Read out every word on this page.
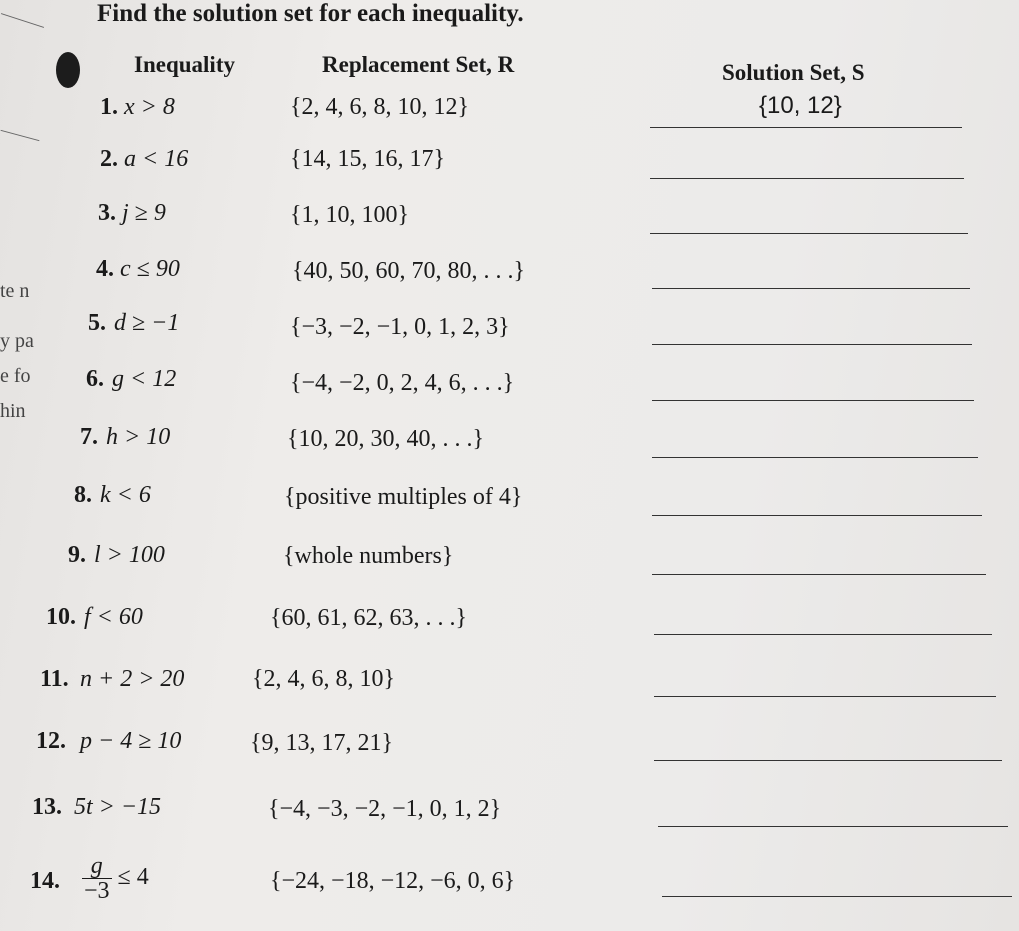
te n
y pa
e fo
hin
Find the solution set for each inequality.
Inequality	Replacement Set, R	Solution Set, S
1. x > 8	{2, 4, 6, 8, 10, 12}	{10, 12}
2. a < 16	{14, 15, 16, 17}
3. j ≥ 9	{1, 10, 100}
4. c ≤ 90	{40, 50, 60, 70, 80, . . .}
5. d ≥ −1	{−3, −2, −1, 0, 1, 2, 3}
6. g < 12	{−4, −2, 0, 2, 4, 6, . . .}
7. h > 10	{10, 20, 30, 40, . . .}
8. k < 6	{positive multiples of 4}
9. l > 100	{whole numbers}
10. f < 60	{60, 61, 62, 63, . . .}
11. n + 2 > 20	{2, 4, 6, 8, 10}
12. p − 4 ≥ 10	{9, 13, 17, 21}
13. 5t > −15	{−4, −3, −2, −1, 0, 1, 2}
14. $\frac{g}{-3} \le 4$	{−24, −18, −12, −6, 0, 6}
